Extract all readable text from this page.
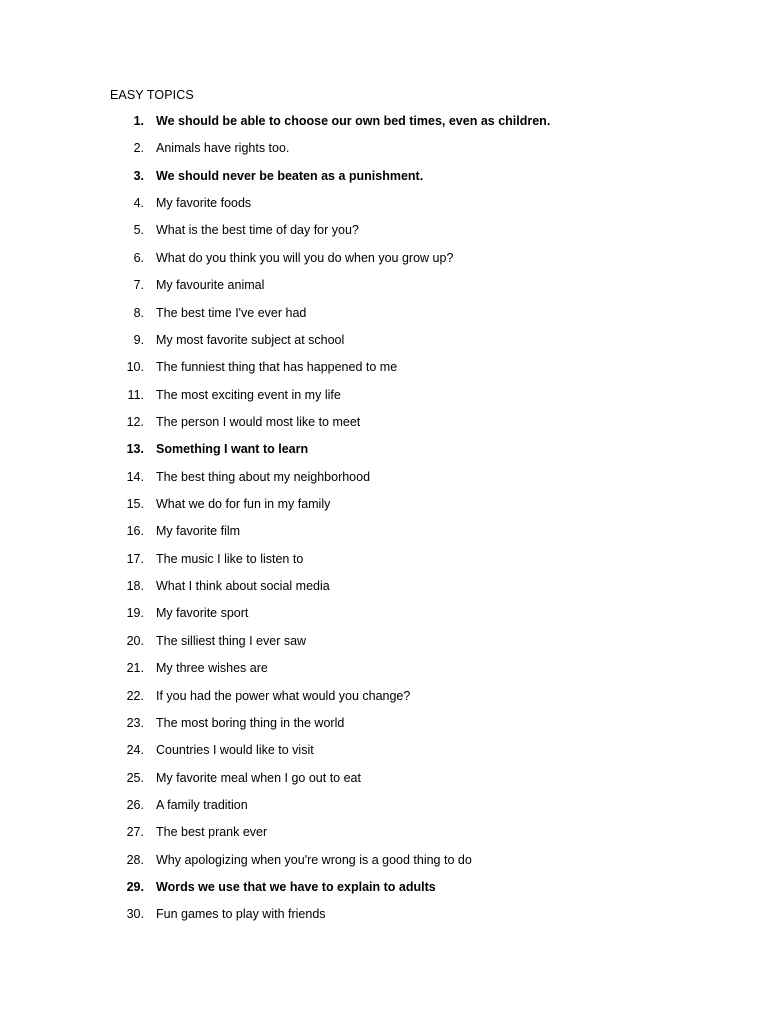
EASY TOPICS
1. We should be able to choose our own bed times, even as children.
2. Animals have rights too.
3. We should never be beaten as a punishment.
4. My favorite foods
5. What is the best time of day for you?
6. What do you think you will you do when you grow up?
7. My favourite animal
8. The best time I've ever had
9. My most favorite subject at school
10. The funniest thing that has happened to me
11. The most exciting event in my life
12. The person I would most like to meet
13. Something I want to learn
14. The best thing about my neighborhood
15. What we do for fun in my family
16. My favorite film
17. The music I like to listen to
18. What I think about social media
19. My favorite sport
20. The silliest thing I ever saw
21. My three wishes are
22. If you had the power what would you change?
23. The most boring thing in the world
24. Countries I would like to visit
25. My favorite meal when I go out to eat
26. A family tradition
27. The best prank ever
28. Why apologizing when you're wrong is a good thing to do
29. Words we use that we have to explain to adults
30. Fun games to play with friends
